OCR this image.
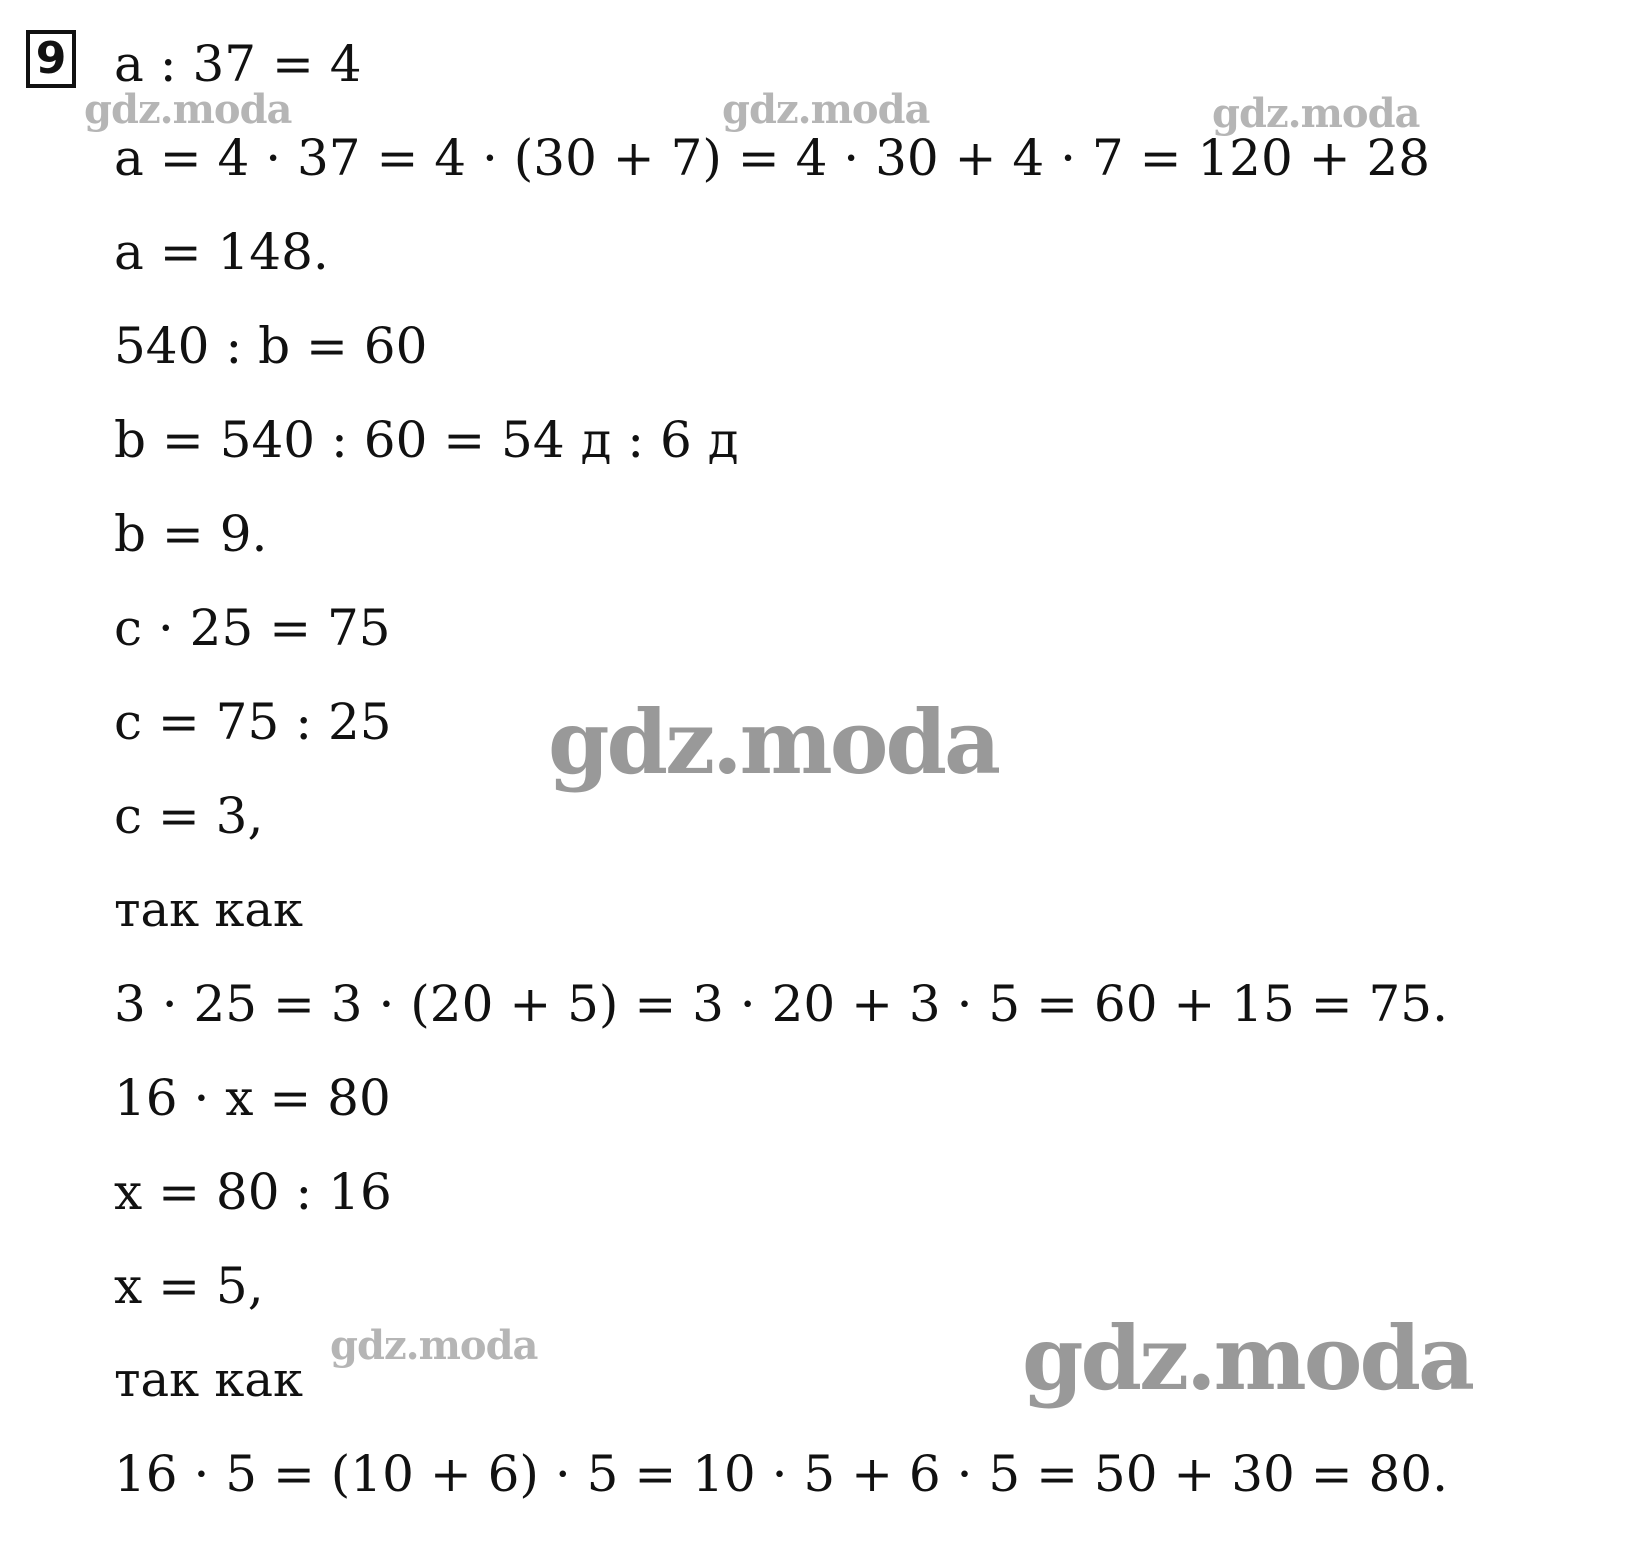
9 a : 37 = 4
a = 4 · 37 = 4 · (30 + 7) = 4 · 30 + 4 · 7 = 120 + 28
a = 148.
540 : b = 60
b = 540 : 60 = 54 д : 6 д
b = 9.
c · 25 = 75
c = 75 : 25
c = 3,
так как
3 · 25 = 3 · (20 + 5) = 3 · 20 + 3 · 5 = 60 + 15 = 75.
16 · x = 80
x = 80 : 16
x = 5,
так как
16 · 5 = (10 + 6) · 5 = 10 · 5 + 6 · 5 = 50 + 30 = 80.
gdz.moda	gdz.moda	gdz.moda
gdz.moda
gdz.moda	gdz.moda
